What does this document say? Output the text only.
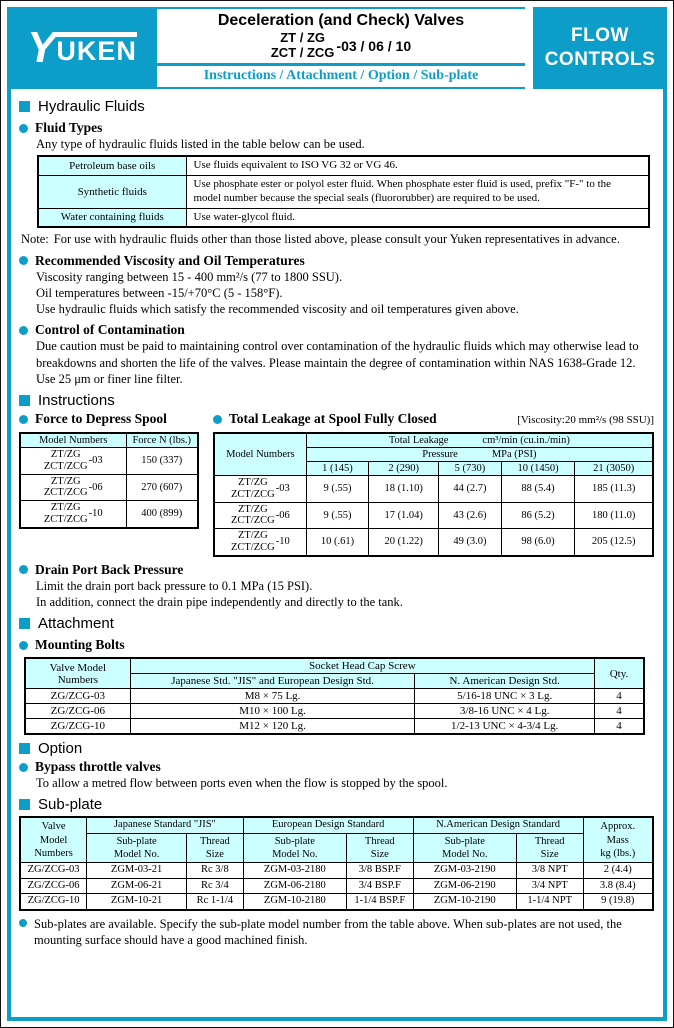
Y UKEN
Deceleration (and Check) Valves
ZT / ZG
ZCT / ZCG -03 / 06 / 10
Instructions / Attachment / Option / Sub-plate
FLOW
CONTROLS
Hydraulic Fluids
Fluid Types
Any type of hydraulic fluids listed in the table below can be used.
Petroleum base oils	Use fluids equivalent to ISO VG 32 or VG 46.
Synthetic fluids	Use phosphate ester or polyol ester fluid. When phosphate ester fluid is used, prefix "F-" to the model number because the special seals (fluororubber) are required to be used.
Water containing fluids	Use water-glycol fluid.
Note: For use with hydraulic fluids other than those listed above, please consult your Yuken representatives in advance.
Recommended Viscosity and Oil Temperatures
Viscosity ranging between 15 - 400 mm²/s (77 to 1800 SSU).
Oil temperatures between -15/+70°C (5 - 158°F).
Use hydraulic fluids which satisfy the recommended viscosity and oil temperatures given above.
Control of Contamination
Due caution must be paid to maintaining control over contamination of the hydraulic fluids which may otherwise lead to breakdowns and shorten the life of the valves. Please maintain the degree of contamination within NAS 1638-Grade 12. Use 25 μm or finer line filter.
Instructions
Force to Depress Spool
Model Numbers	Force N (lbs.)

ZT/ZG
ZCT/ZCG -03	150 (337)

ZT/ZG
ZCT/ZCG -06	270 (607)

ZT/ZG
ZCT/ZCG -10	400 (899)
Total Leakage at Spool Fully Closed	[Viscosity:20 mm²/s (98 SSU)]
Model Numbers	Total Leakage cm³/min (cu.in./min)				

	Pressure MPa (PSI)				

	1 (145)	2 (290)	5 (730)	10 (1450)	21 (3050)

ZT/ZG
ZCT/ZCG -03	9 (.55)	18 (1.10)	44 (2.7)	88 (5.4)	185 (11.3)

ZT/ZG
ZCT/ZCG -06	9 (.55)	17 (1.04)	43 (2.6)	86 (5.2)	180 (11.0)

ZT/ZG
ZCT/ZCG -10	10 (.61)	20 (1.22)	49 (3.0)	98 (6.0)	205 (12.5)
Drain Port Back Pressure
Limit the drain port back pressure to 0.1 MPa (15 PSI).
In addition, connect the drain pipe independently and directly to the tank.
Attachment
Mounting Bolts
Valve Model Numbers	Socket Head Cap Screw		Qty.
	Japanese Std. "JIS" and European Design Std.	N. American Design Std.	
ZG/ZCG-03	M8 × 75 Lg.	5/16-18 UNC × 3 Lg.	4
ZG/ZCG-06	M10 × 100 Lg.	3/8-16 UNC × 4 Lg.	4
ZG/ZCG-10	M12 × 120 Lg.	1/2-13 UNC × 4-3/4 Lg.	4
Option
Bypass throttle valves
To allow a metred flow between ports even when the flow is stopped by the spool.
Sub-plate
Valve
Model
Numbers	Japanese Standard "JIS"		European Design Standard		N.American Design Standard		Approx.
Mass
kg (lbs.)

	Sub-plate
Model No.	Thread
Size	Sub-plate
Model No.	Thread
Size	Sub-plate
Model No.	Thread
Size	

ZG/ZCG-03	ZGM-03-21	Rc 3/8	ZGM-03-2180	3/8 BSP.F	ZGM-03-2190	3/8 NPT	2 (4.4)
ZG/ZCG-06	ZGM-06-21	Rc 3/4	ZGM-06-2180	3/4 BSP.F	ZGM-06-2190	3/4 NPT	3.8 (8.4)
ZG/ZCG-10	ZGM-10-21	Rc 1-1/4	ZGM-10-2180	1-1/4 BSP.F	ZGM-10-2190	1-1/4 NPT	9 (19.8)
Sub-plates are available. Specify the sub-plate model number from the table above. When sub-plates are not used, the mounting surface should have a good machined finish.
